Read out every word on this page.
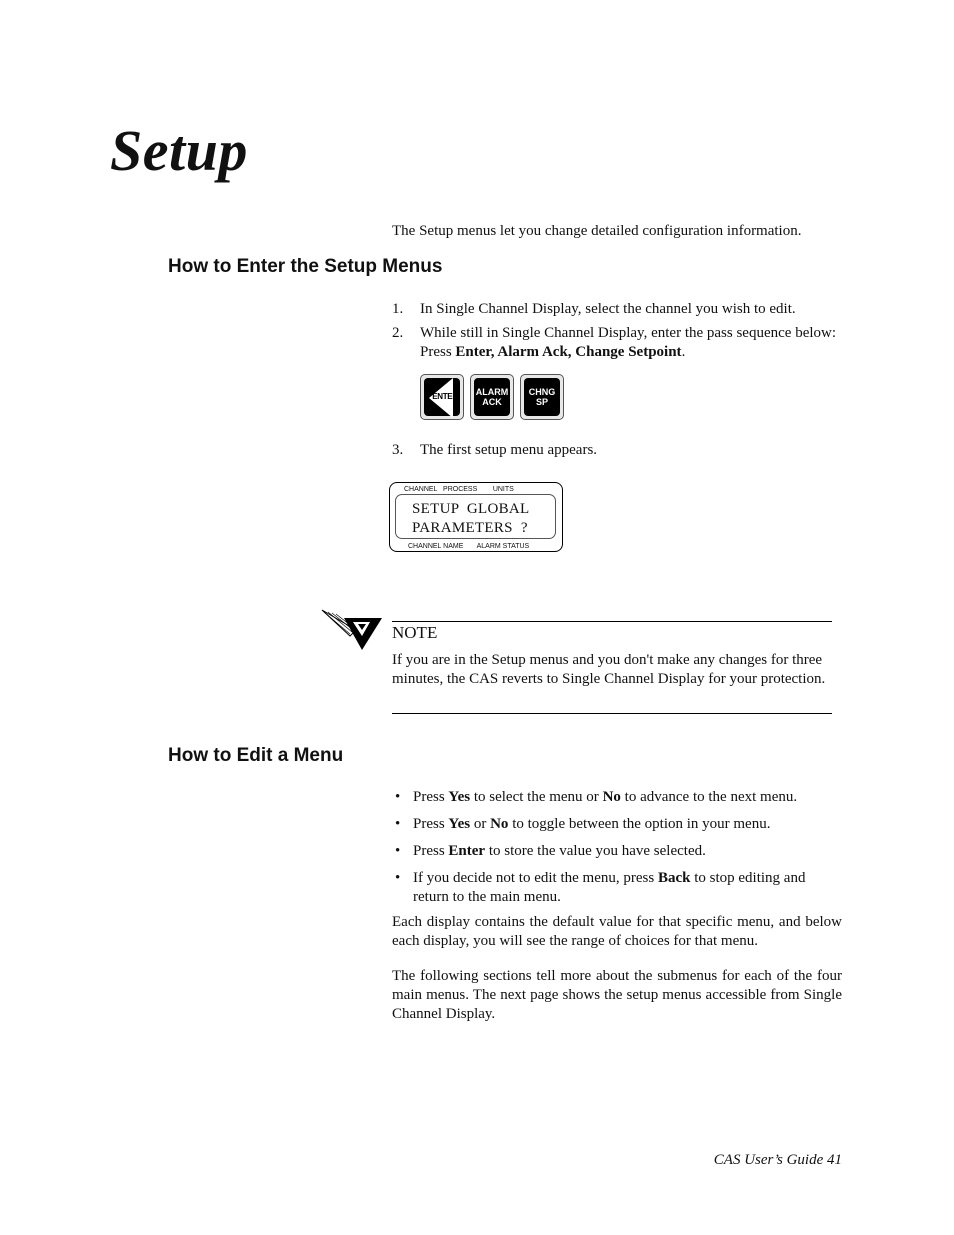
Setup
The Setup menus let you change detailed configuration information.
How to Enter the Setup Menus
1. In Single Channel Display, select the channel you wish to edit.
2. While still in Single Channel Display, enter the pass sequence below: Press Enter, Alarm Ack, Change Setpoint.
ENTER ALARM
ACK
CHNG
SP
3. The first setup menu appears.
CHANNEL   PROCESS        UNITS
SETUP  GLOBAL
PARAMETERS  ?
CHANNEL NAME       ALARM STATUS
NOTE
If you are in the Setup menus and you don't make any changes for three minutes, the CAS reverts to Single Channel Display for your protection.
How to Edit a Menu
• Press Yes to select the menu or No to advance to the next menu.
• Press Yes or No to toggle between the option in your menu.
• Press Enter to store the value you have selected.
• If you decide not to edit the menu, press Back to stop editing and return to the main menu.
Each display contains the default value for that specific menu, and below each display, you will see the range of choices for that menu.
The following sections tell more about the submenus for each of the four main menus. The next page shows the setup menus accessible from Single Channel Display.
CAS User’s Guide 41
